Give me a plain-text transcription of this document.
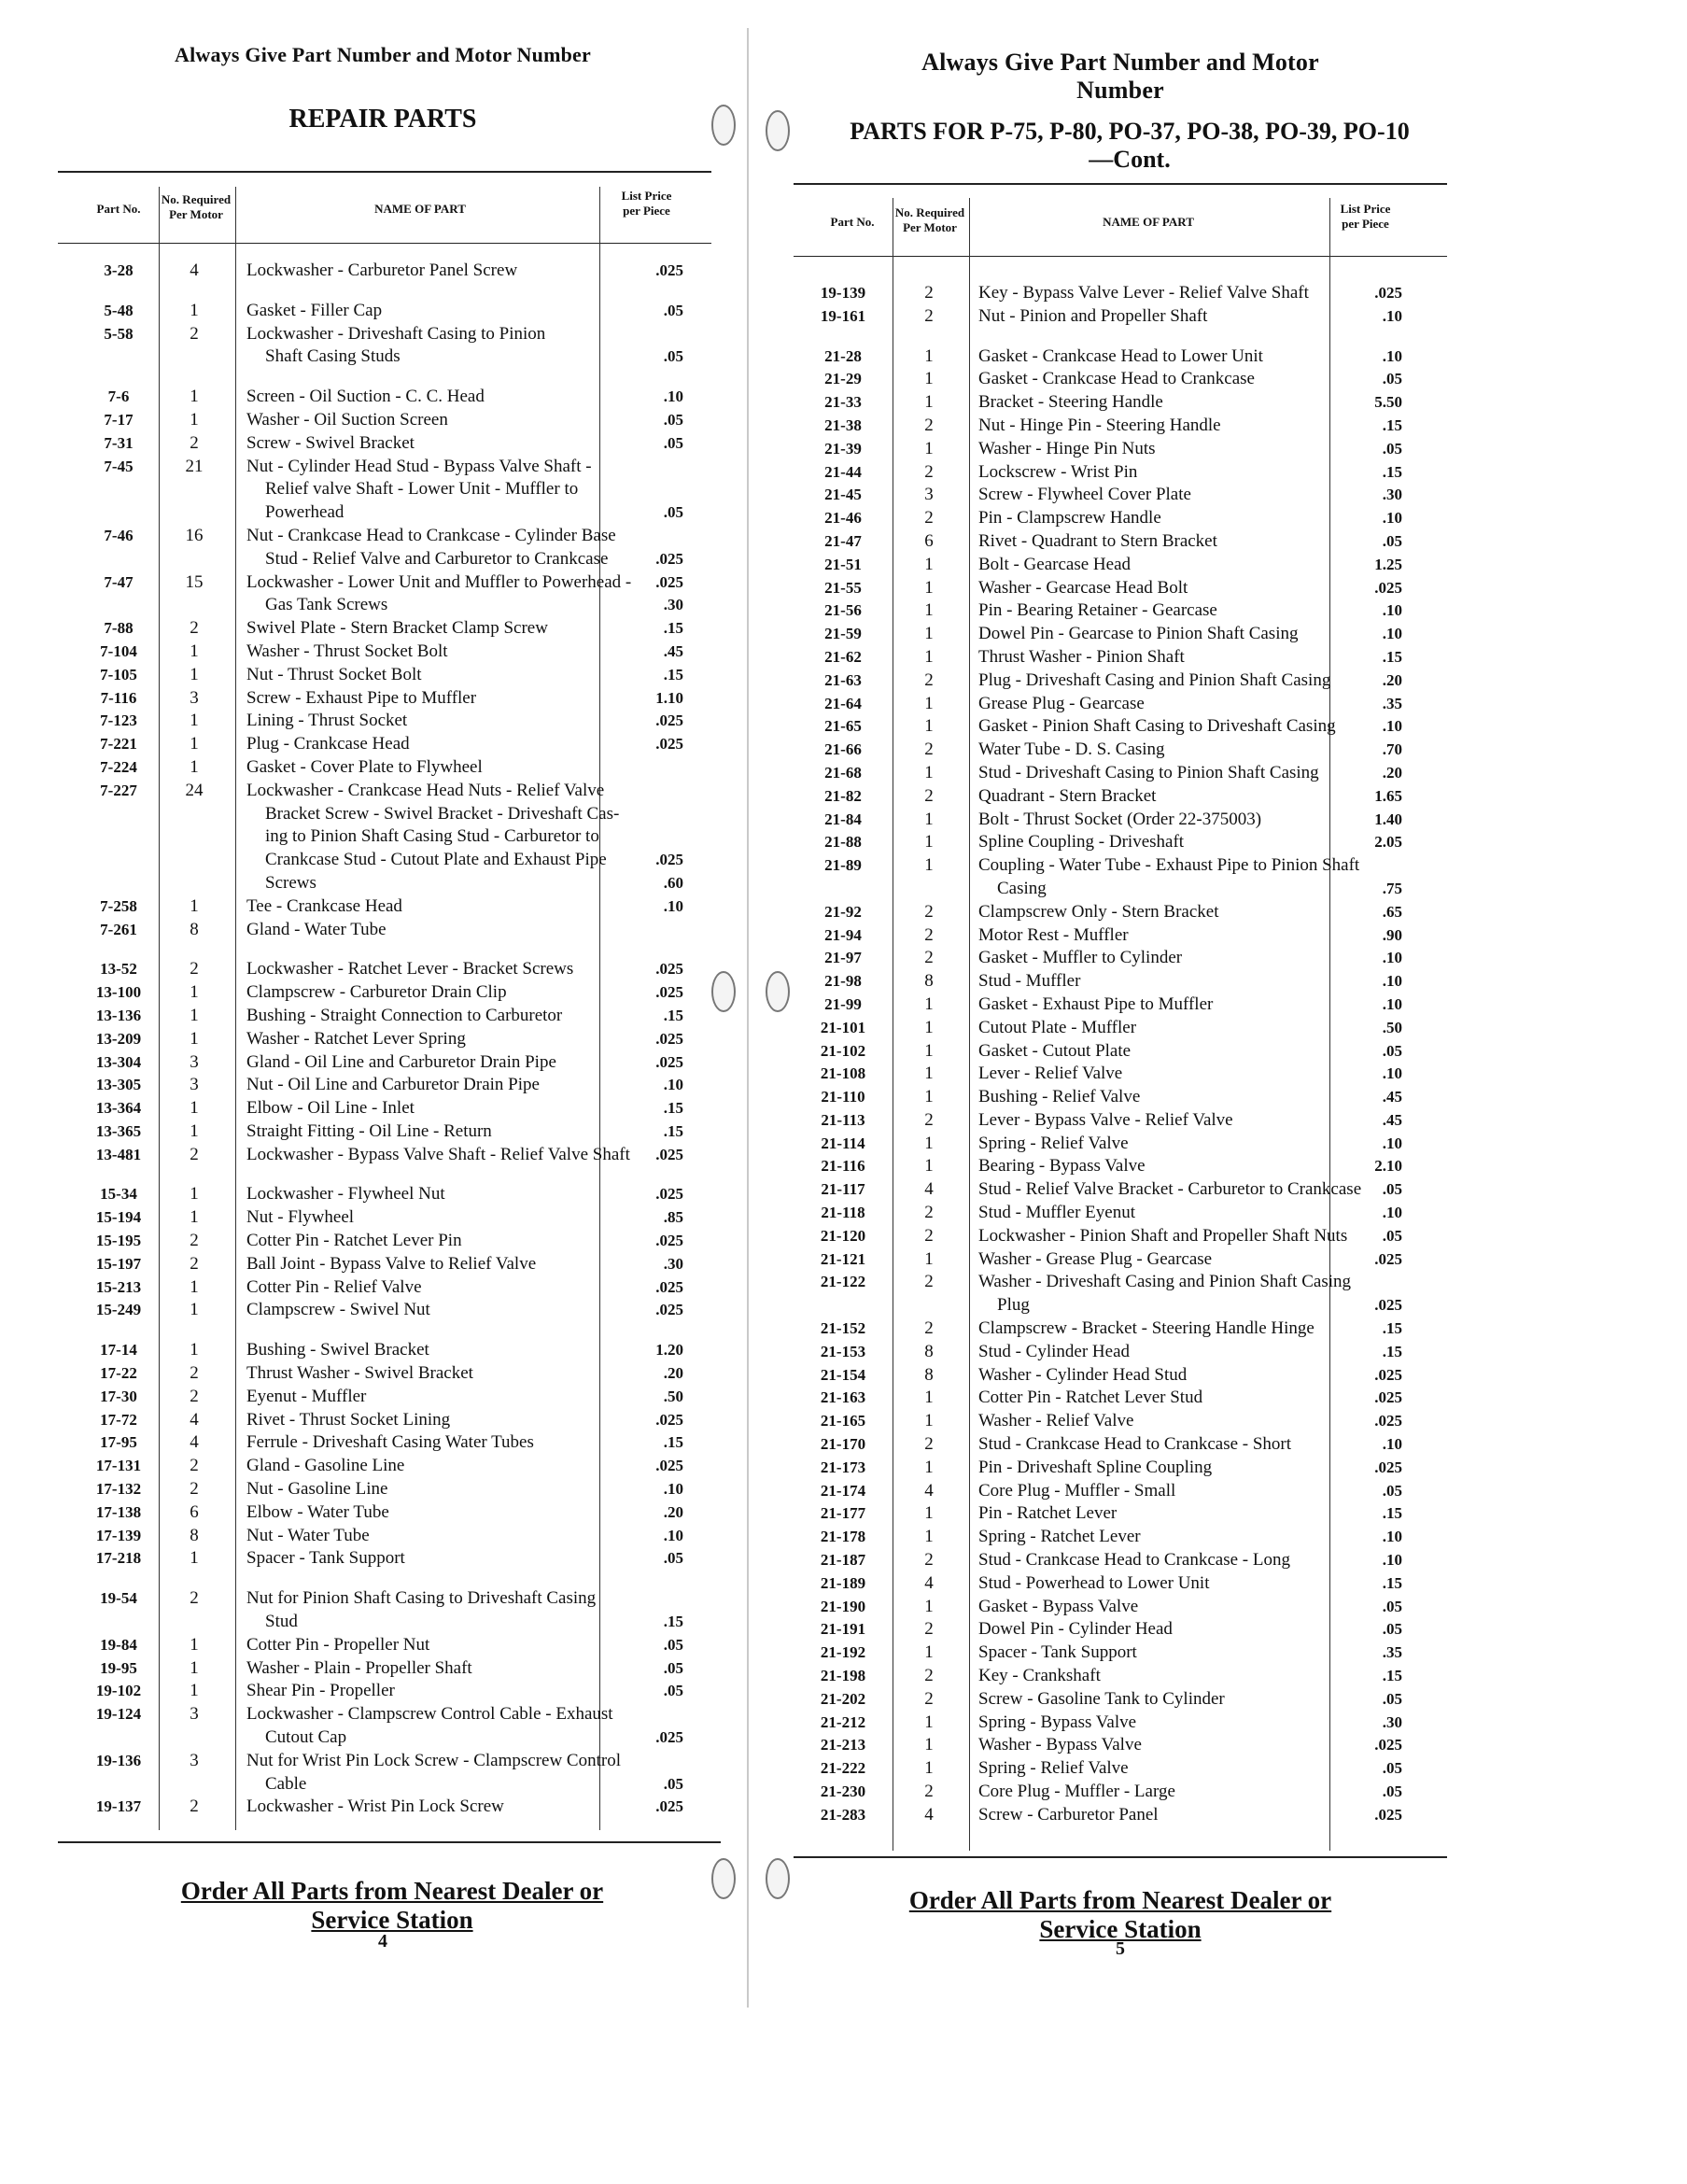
Always Give Part Number and Motor Number
REPAIR PARTS
Part No.
No. Required Per Motor	NAME OF PART
List Price per Piece
3-28	4	Lockwasher - Carburetor Panel Screw	.025
5-48	1	Gasket - Filler Cap	.05
5-58	2	Lockwasher - Driveshaft Casing to Pinion
Shaft Casing Studs	.05
7-6	1	Screen - Oil Suction - C. C. Head	.10
7-17	1	Washer - Oil Suction Screen	.05
7-31	2	Screw - Swivel Bracket	.05
7-45	21 Nut - Cylinder Head Stud - Bypass Valve Shaft -
Relief valve Shaft - Lower Unit - Muffler to
Powerhead	.05
7-46	16 Nut - Crankcase Head to Crankcase - Cylinder Base
Stud - Relief Valve and Carburetor to Crankcase	.025
7-47	15 Lockwasher - Lower Unit and Muffler to Powerhead -	.025
Gas Tank Screws	.30
7-88	2	Swivel Plate - Stern Bracket Clamp Screw	.15
7-104	1	Washer - Thrust Socket Bolt	.45
7-105	1	Nut - Thrust Socket Bolt	.15
7-116	3	Screw - Exhaust Pipe to Muffler	1.10
7-123	1	Lining - Thrust Socket	.025
7-221	1	Plug - Crankcase Head	.025
7-224	1	Gasket - Cover Plate to Flywheel
7-227	24 Lockwasher - Crankcase Head Nuts - Relief Valve
Bracket Screw - Swivel Bracket - Driveshaft Cas-
ing to Pinion Shaft Casing Stud - Carburetor to
Crankcase Stud - Cutout Plate and Exhaust Pipe	.025
Screws	.60
7-258	1	Tee - Crankcase Head	.10
7-261	8	Gland - Water Tube
13-52	2	Lockwasher - Ratchet Lever - Bracket Screws	.025
13-100	1	Clampscrew - Carburetor Drain Clip	.025
13-136	1	Bushing - Straight Connection to Carburetor	.15
13-209	1	Washer - Ratchet Lever Spring	.025
13-304	3	Gland - Oil Line and Carburetor Drain Pipe	.025
13-305	3	Nut - Oil Line and Carburetor Drain Pipe	.10
13-364	1	Elbow - Oil Line - Inlet	.15
13-365	1	Straight Fitting - Oil Line - Return	.15
13-481	2	Lockwasher - Bypass Valve Shaft - Relief Valve Shaft	.025
15-34	1	Lockwasher - Flywheel Nut	.025
15-194	1	Nut - Flywheel	.85
15-195	2	Cotter Pin - Ratchet Lever Pin	.025
15-197	2	Ball Joint - Bypass Valve to Relief Valve	.30
15-213	1	Cotter Pin - Relief Valve	.025
15-249	1	Clampscrew - Swivel Nut	.025
17-14	1	Bushing - Swivel Bracket	1.20
17-22	2	Thrust Washer - Swivel Bracket	.20
17-30	2	Eyenut - Muffler	.50
17-72	4	Rivet - Thrust Socket Lining	.025
17-95	4	Ferrule - Driveshaft Casing Water Tubes	.15
17-131	2	Gland - Gasoline Line	.025
17-132	2	Nut - Gasoline Line	.10
17-138	6	Elbow - Water Tube	.20
17-139	8	Nut - Water Tube	.10
17-218	1	Spacer - Tank Support	.05
19-54	2	Nut for Pinion Shaft Casing to Driveshaft Casing
Stud	.15
19-84	1	Cotter Pin - Propeller Nut	.05
19-95	1	Washer - Plain - Propeller Shaft	.05
19-102	1	Shear Pin - Propeller	.05
19-124	3	Lockwasher - Clampscrew Control Cable - Exhaust
Cutout Cap	.025
19-136	3	Nut for Wrist Pin Lock Screw - Clampscrew Control
Cable	.05
19-137	2	Lockwasher - Wrist Pin Lock Screw	.025
Order All Parts from Nearest Dealer or Service Station
4
Always Give Part Number and Motor Number
PARTS FOR P-75, P-80, PO-37, PO-38, PO-39, PO-10—Cont.
Part No.
No. Required Per Motor	NAME OF PART
List Price per Piece
19-139	2	Key - Bypass Valve Lever - Relief Valve Shaft	.025
19-161	2	Nut - Pinion and Propeller Shaft	.10
21-28	1	Gasket - Crankcase Head to Lower Unit	.10
21-29	1	Gasket - Crankcase Head to Crankcase	.05
21-33	1	Bracket - Steering Handle	5.50
21-38	2	Nut - Hinge Pin - Steering Handle	.15
21-39	1	Washer - Hinge Pin Nuts	.05
21-44	2	Lockscrew - Wrist Pin	.15
21-45	3	Screw - Flywheel Cover Plate	.30
21-46	2	Pin - Clampscrew Handle	.10
21-47	6	Rivet - Quadrant to Stern Bracket	.05
21-51	1	Bolt - Gearcase Head	1.25
21-55	1	Washer - Gearcase Head Bolt	.025
21-56	1	Pin - Bearing Retainer - Gearcase	.10
21-59	1	Dowel Pin - Gearcase to Pinion Shaft Casing	.10
21-62	1	Thrust Washer - Pinion Shaft	.15
21-63	2	Plug - Driveshaft Casing and Pinion Shaft Casing	.20
21-64	1	Grease Plug - Gearcase	.35
21-65	1	Gasket - Pinion Shaft Casing to Driveshaft Casing	.10
21-66	2	Water Tube - D. S. Casing	.70
21-68	1	Stud - Driveshaft Casing to Pinion Shaft Casing	.20
21-82	2	Quadrant - Stern Bracket	1.65
21-84	1	Bolt - Thrust Socket (Order 22-375003)	1.40
21-88	1	Spline Coupling - Driveshaft	2.05
21-89	1	Coupling - Water Tube - Exhaust Pipe to Pinion Shaft
Casing	.75
21-92	2	Clampscrew Only - Stern Bracket	.65
21-94	2	Motor Rest - Muffler	.90
21-97	2	Gasket - Muffler to Cylinder	.10
21-98	8	Stud - Muffler	.10
21-99	1	Gasket - Exhaust Pipe to Muffler	.10
21-101	1	Cutout Plate - Muffler	.50
21-102	1	Gasket - Cutout Plate	.05
21-108	1	Lever - Relief Valve	.10
21-110	1	Bushing - Relief Valve	.45
21-113	2	Lever - Bypass Valve - Relief Valve	.45
21-114	1	Spring - Relief Valve	.10
21-116	1	Bearing - Bypass Valve	2.10
21-117	4	Stud - Relief Valve Bracket - Carburetor to Crankcase	.05
21-118	2	Stud - Muffler Eyenut	.10
21-120	2	Lockwasher - Pinion Shaft and Propeller Shaft Nuts	.05
21-121	1	Washer - Grease Plug - Gearcase	.025
21-122	2	Washer - Driveshaft Casing and Pinion Shaft Casing
Plug	.025
21-152	2	Clampscrew - Bracket - Steering Handle Hinge	.15
21-153	8	Stud - Cylinder Head	.15
21-154	8	Washer - Cylinder Head Stud	.025
21-163	1	Cotter Pin - Ratchet Lever Stud	.025
21-165	1	Washer - Relief Valve	.025
21-170	2	Stud - Crankcase Head to Crankcase - Short	.10
21-173	1	Pin - Driveshaft Spline Coupling	.025
21-174	4	Core Plug - Muffler - Small	.05
21-177	1	Pin - Ratchet Lever	.15
21-178	1	Spring - Ratchet Lever	.10
21-187	2	Stud - Crankcase Head to Crankcase - Long	.10
21-189	4	Stud - Powerhead to Lower Unit	.15
21-190	1	Gasket - Bypass Valve	.05
21-191	2	Dowel Pin - Cylinder Head	.05
21-192	1	Spacer - Tank Support	.35
21-198	2	Key - Crankshaft	.15
21-202	2	Screw - Gasoline Tank to Cylinder	.05
21-212	1	Spring - Bypass Valve	.30
21-213	1	Washer - Bypass Valve	.025
21-222	1	Spring - Relief Valve	.05
21-230	2	Core Plug - Muffler - Large	.05
21-283	4	Screw - Carburetor Panel	.025
Order All Parts from Nearest Dealer or Service Station
5
